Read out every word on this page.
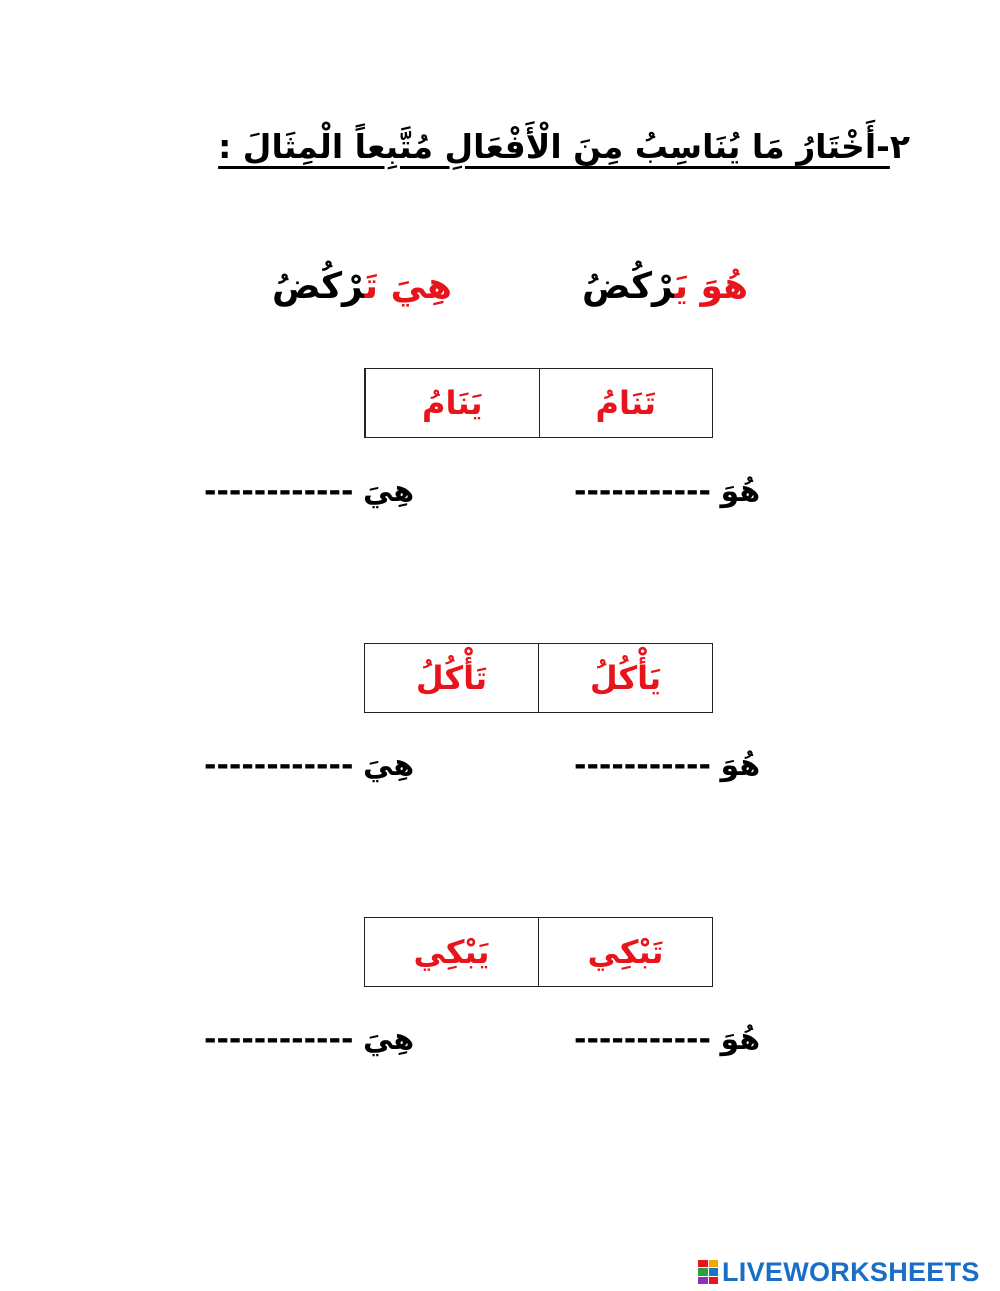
٢-أَخْتَارُ مَا يُنَاسِبُ مِنَ الْأَفْعَالِ مُتَّبِعاً الْمِثَالَ :
هُوَ يَرْكُضُ
هِيَ تَرْكُضُ
يَنَامُ	تَنَامُ
----------- هُوَ
------------ هِيَ
تَأْكُلُ	يَأْكُلُ
----------- هُوَ
------------ هِيَ
يَبْكِي	تَبْكِي
----------- هُوَ
------------ هِيَ
LIVEWORKSHEETS
